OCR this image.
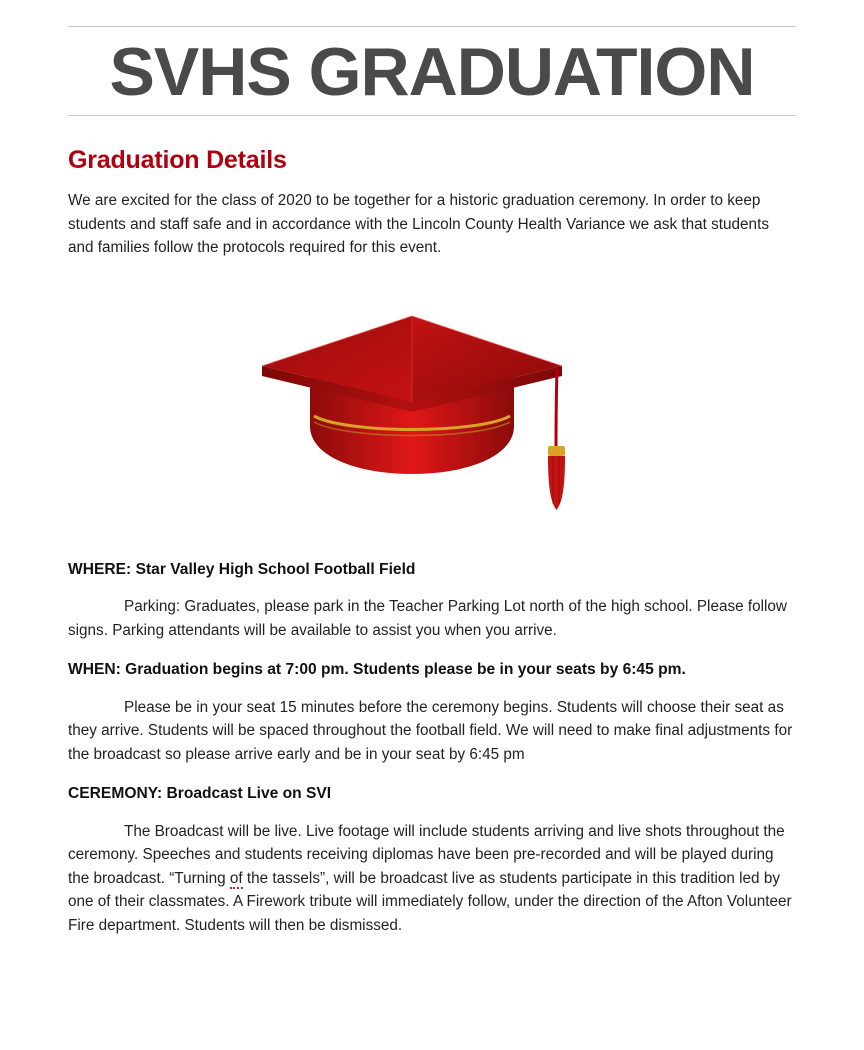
SVHS GRADUATION
Graduation Details

We are excited for the class of 2020 to be together for a historic graduation ceremony. In order to keep students and staff safe and in accordance with the Lincoln County Health Variance we ask that students and families follow the protocols required for this event.

WHERE: Star Valley High School Football Field

Parking: Graduates, please park in the Teacher Parking Lot north of the high school. Please follow signs. Parking attendants will be available to assist you when you arrive.

WHEN: Graduation begins at 7:00 pm. Students please be in your seats by 6:45 pm.

Please be in your seat 15 minutes before the ceremony begins. Students will choose their seat as they arrive. Students will be spaced throughout the football field. We will need to make final adjustments for the broadcast so please arrive early and be in your seat by 6:45 pm

CEREMONY: Broadcast Live on SVI

The Broadcast will be live. Live footage will include students arriving and live shots throughout the ceremony. Speeches and students receiving diplomas have been pre-recorded and will be played during the broadcast. “Turning of the tassels”, will be broadcast live as students participate in this tradition led by one of their classmates. A Firework tribute will immediately follow, under the direction of the Afton Volunteer Fire department. Students will then be dismissed.
